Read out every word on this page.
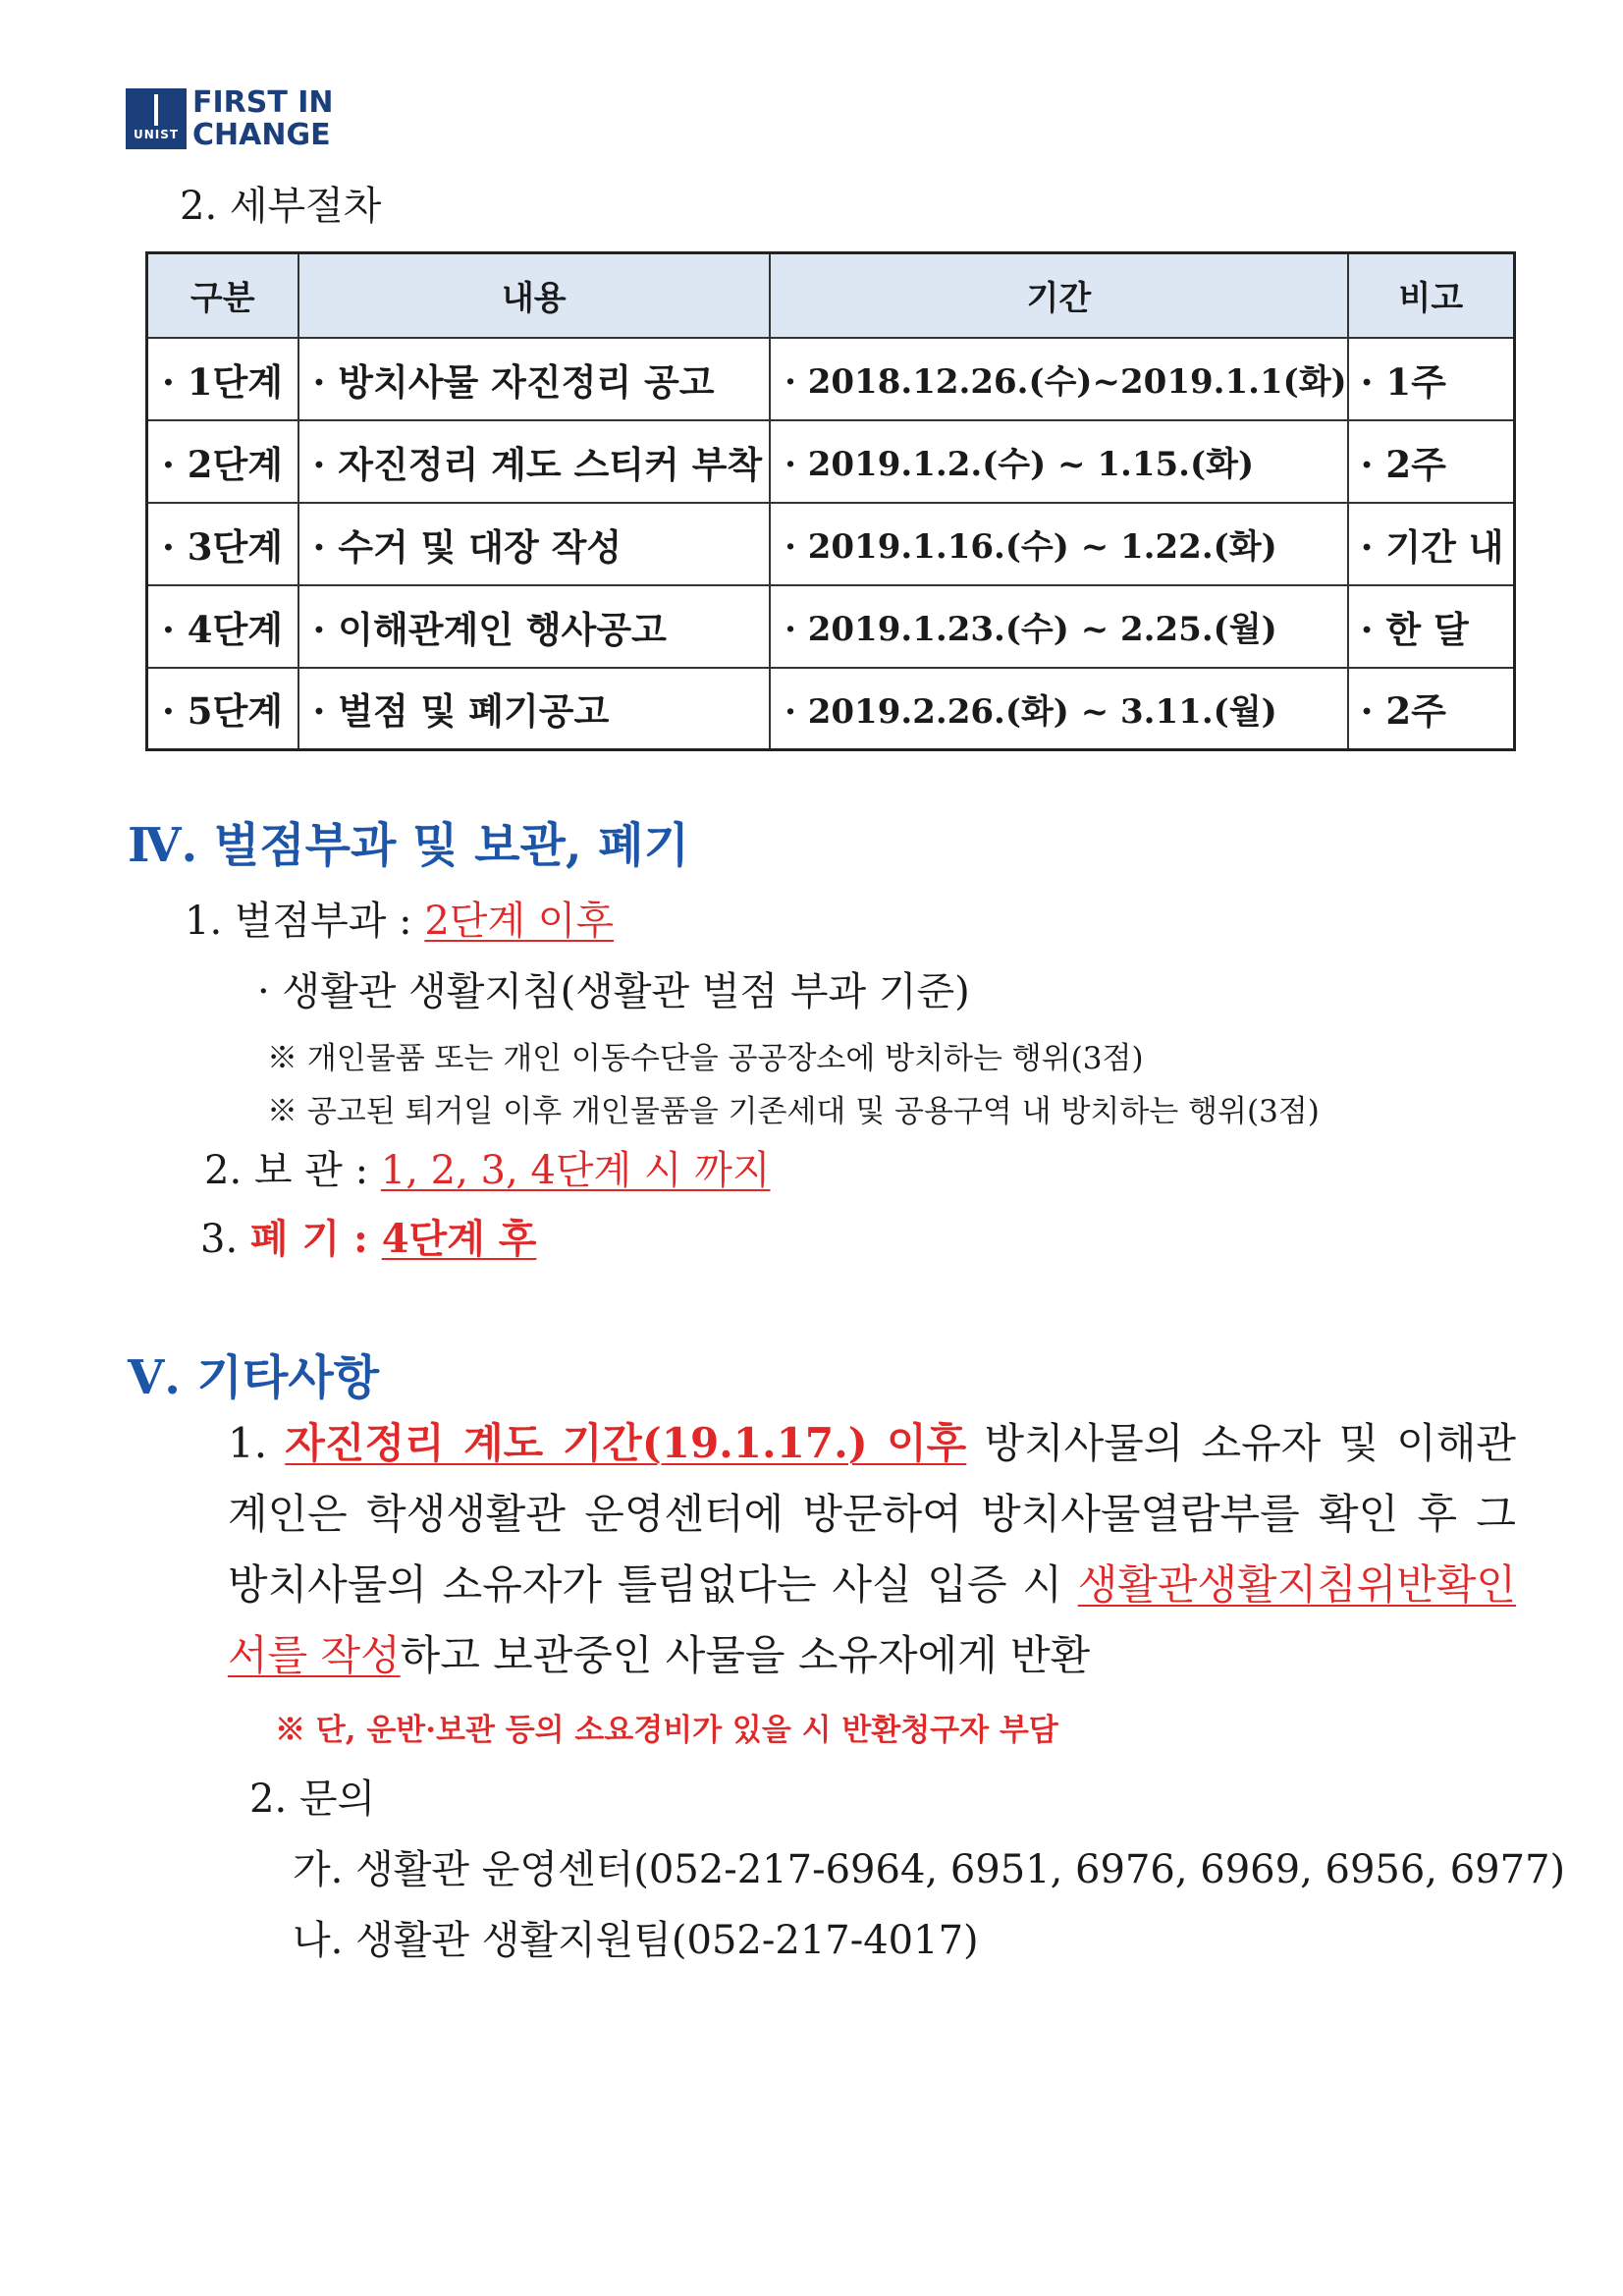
UNIST
FIRST IN
CHANGE
2. 세부절차
구분	내용	기간	비고
· 1단계	· 방치사물 자진정리 공고	· 2018.12.26.(수)~2019.1.1(화)	· 1주
· 2단계	· 자진정리 계도 스티커 부착	· 2019.1.2.(수) ~ 1.15.(화)	· 2주
· 3단계	· 수거 및 대장 작성	· 2019.1.16.(수) ~ 1.22.(화)	· 기간 내
· 4단계	· 이해관계인 행사공고	· 2019.1.23.(수) ~ 2.25.(월)	· 한 달
· 5단계	· 벌점 및 폐기공고	· 2019.2.26.(화) ~ 3.11.(월)	· 2주
Ⅳ. 벌점부과 및 보관, 폐기
1. 벌점부과 : 2단계 이후
· 생활관 생활지침(생활관 벌점 부과 기준)
※ 개인물품 또는 개인 이동수단을 공공장소에 방치하는 행위(3점)
※ 공고된 퇴거일 이후 개인물품을 기존세대 및 공용구역 내 방치하는 행위(3점)
2. 보 관 : 1, 2, 3, 4단계 시 까지
3. 폐 기 : 4단계 후
Ⅴ. 기타사항
1. 자진정리 계도 기간(19.1.17.) 이후 방치사물의 소유자 및 이해관계인은 학생생활관 운영센터에 방문하여 방치사물열람부를 확인 후 그 방치사물의 소유자가 틀림없다는 사실 입증 시 생활관생활지침위반확인서를 작성하고 보관중인 사물을 소유자에게 반환
※ 단, 운반·보관 등의 소요경비가 있을 시 반환청구자 부담
2. 문의
가. 생활관 운영센터(052-217-6964, 6951, 6976, 6969, 6956, 6977)
나. 생활관 생활지원팀(052-217-4017)
